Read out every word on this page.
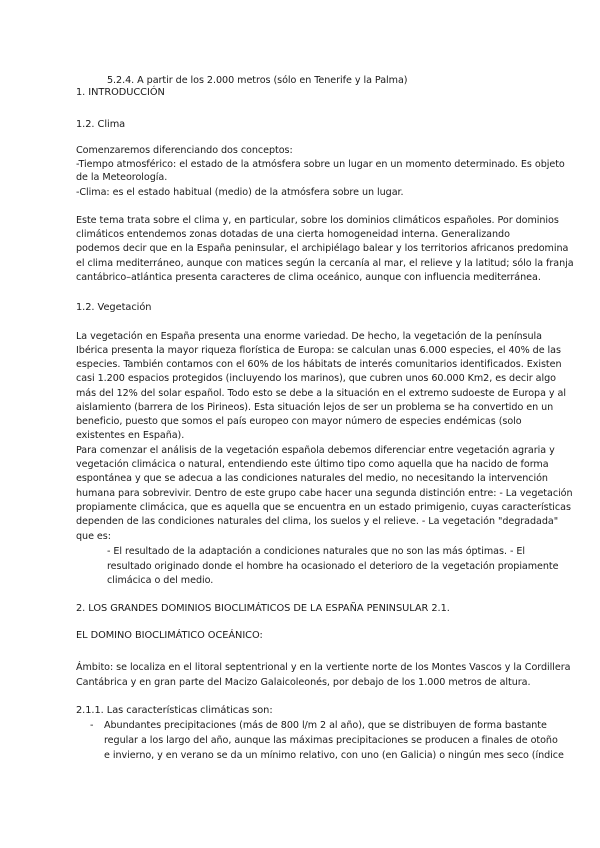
5.2.4. A partir de los 2.000 metros (sólo en Tenerife y la Palma)
1. INTRODUCCIÓN
1.2. Clima
Comenzaremos diferenciando dos conceptos:
-Tiempo atmosférico: el estado de la atmósfera sobre un lugar en un momento determinado. Es objeto
de la Meteorología.
-Clima: es el estado habitual (medio) de la atmósfera sobre un lugar.
Este tema trata sobre el clima y, en particular, sobre los dominios climáticos españoles. Por dominios
climáticos entendemos zonas dotadas de una cierta homogeneidad interna. Generalizando
podemos decir que en la España peninsular, el archipiélago balear y los territorios africanos predomina
el clima mediterráneo, aunque con matices según la cercanía al mar, el relieve y la latitud; sólo la franja
cantábrico–atlántica presenta caracteres de clima oceánico, aunque con influencia mediterránea.
1.2. Vegetación
La vegetación en España presenta una enorme variedad. De hecho, la vegetación de la península
Ibérica presenta la mayor riqueza florística de Europa: se calculan unas 6.000 especies, el 40% de las
especies. También contamos con el 60% de los hábitats de interés comunitarios identificados. Existen
casi 1.200 espacios protegidos (incluyendo los marinos), que cubren unos 60.000 Km2, es decir algo
más del 12% del solar español. Todo esto se debe a la situación en el extremo sudoeste de Europa y al
aislamiento (barrera de los Pirineos). Esta situación lejos de ser un problema se ha convertido en un
beneficio, puesto que somos el país europeo con mayor número de especies endémicas (solo
existentes en España).
Para comenzar el análisis de la vegetación española debemos diferenciar entre vegetación agraria y
vegetación climácica o natural, entendiendo este último tipo como aquella que ha nacido de forma
espontánea y que se adecua a las condiciones naturales del medio, no necesitando la intervención
humana para sobrevivir. Dentro de este grupo cabe hacer una segunda distinción entre: - La vegetación
propiamente climácica, que es aquella que se encuentra en un estado primigenio, cuyas características
dependen de las condiciones naturales del clima, los suelos y el relieve. - La vegetación "degradada"
que es:
- El resultado de la adaptación a condiciones naturales que no son las más óptimas. - El
resultado originado donde el hombre ha ocasionado el deterioro de la vegetación propiamente
climácica o del medio.
2. LOS GRANDES DOMINIOS BIOCLIMÁTICOS DE LA ESPAÑA PENINSULAR 2.1.
EL DOMINO BIOCLIMÁTICO OCEÁNICO:
Ámbito: se localiza en el litoral septentrional y en la vertiente norte de los Montes Vascos y la Cordillera
Cantábrica y en gran parte del Macizo Galaicoleonés, por debajo de los 1.000 metros de altura.
2.1.1. Las características climáticas son:
- Abundantes precipitaciones (más de 800 l/m 2 al año), que se distribuyen de forma bastante
regular a los largo del año, aunque las máximas precipitaciones se producen a finales de otoño
e invierno, y en verano se da un mínimo relativo, con uno (en Galicia) o ningún mes seco (índice
